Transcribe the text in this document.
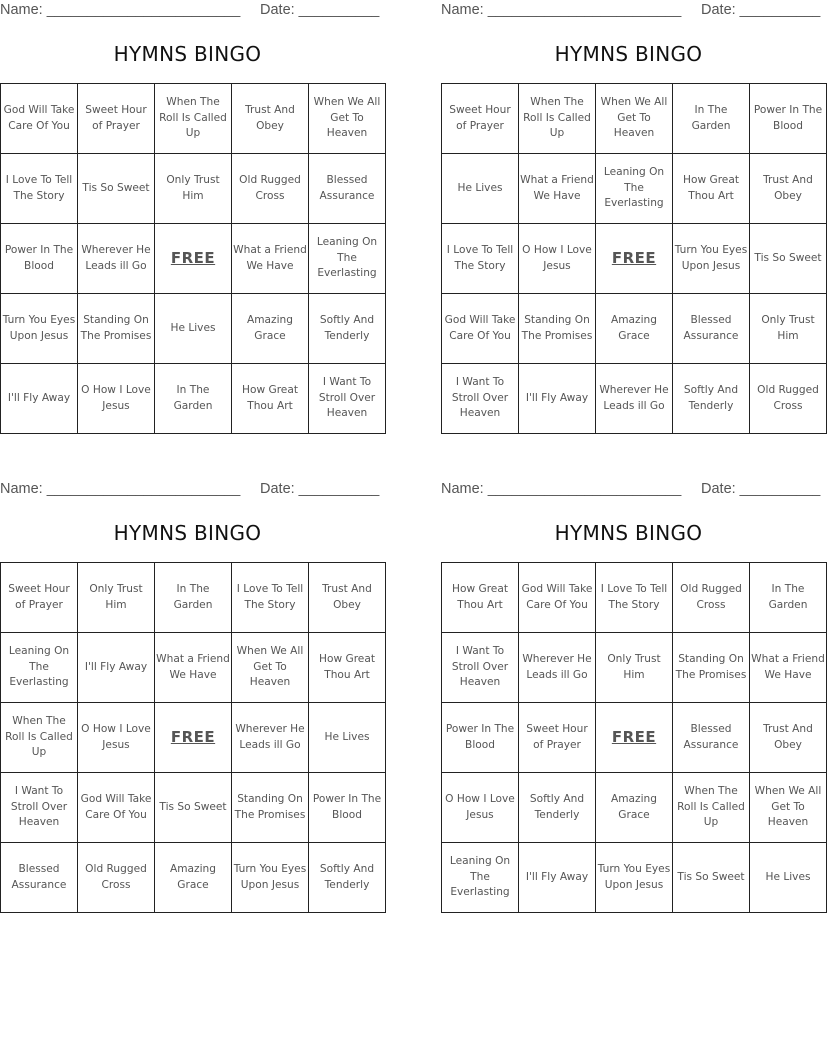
Name: ________________________ Date: __________
HYMNS BINGO
God Will Take Care Of You	Sweet Hour of Prayer	When The Roll Is Called Up	Trust And Obey	When We All Get To Heaven
I Love To Tell The Story	Tis So Sweet	Only Trust Him	Old Rugged Cross	Blessed Assurance
Power In The Blood	Wherever He Leads ill Go	FREE	What a Friend We Have	Leaning On The Everlasting
Turn You Eyes Upon Jesus	Standing On The Promises	He Lives	Amazing Grace	Softly And Tenderly
I'll Fly Away	O How I Love Jesus	In The Garden	How Great Thou Art	I Want To Stroll Over Heaven
Name: ________________________ Date: __________
HYMNS BINGO
Sweet Hour of Prayer	When The Roll Is Called Up	When We All Get To Heaven	In The Garden	Power In The Blood
He Lives	What a Friend We Have	Leaning On The Everlasting	How Great Thou Art	Trust And Obey
I Love To Tell The Story	O How I Love Jesus	FREE	Turn You Eyes Upon Jesus	Tis So Sweet
God Will Take Care Of You	Standing On The Promises	Amazing Grace	Blessed Assurance	Only Trust Him
I Want To Stroll Over Heaven	I'll Fly Away	Wherever He Leads ill Go	Softly And Tenderly	Old Rugged Cross
Name: ________________________ Date: __________
HYMNS BINGO
Sweet Hour of Prayer	Only Trust Him	In The Garden	I Love To Tell The Story	Trust And Obey
Leaning On The Everlasting	I'll Fly Away	What a Friend We Have	When We All Get To Heaven	How Great Thou Art
When The Roll Is Called Up	O How I Love Jesus	FREE	Wherever He Leads ill Go	He Lives
I Want To Stroll Over Heaven	God Will Take Care Of You	Tis So Sweet	Standing On The Promises	Power In The Blood
Blessed Assurance	Old Rugged Cross	Amazing Grace	Turn You Eyes Upon Jesus	Softly And Tenderly
Name: ________________________ Date: __________
HYMNS BINGO
How Great Thou Art	God Will Take Care Of You	I Love To Tell The Story	Old Rugged Cross	In The Garden
I Want To Stroll Over Heaven	Wherever He Leads ill Go	Only Trust Him	Standing On The Promises	What a Friend We Have
Power In The Blood	Sweet Hour of Prayer	FREE	Blessed Assurance	Trust And Obey
O How I Love Jesus	Softly And Tenderly	Amazing Grace	When The Roll Is Called Up	When We All Get To Heaven
Leaning On The Everlasting	I'll Fly Away	Turn You Eyes Upon Jesus	Tis So Sweet	He Lives
